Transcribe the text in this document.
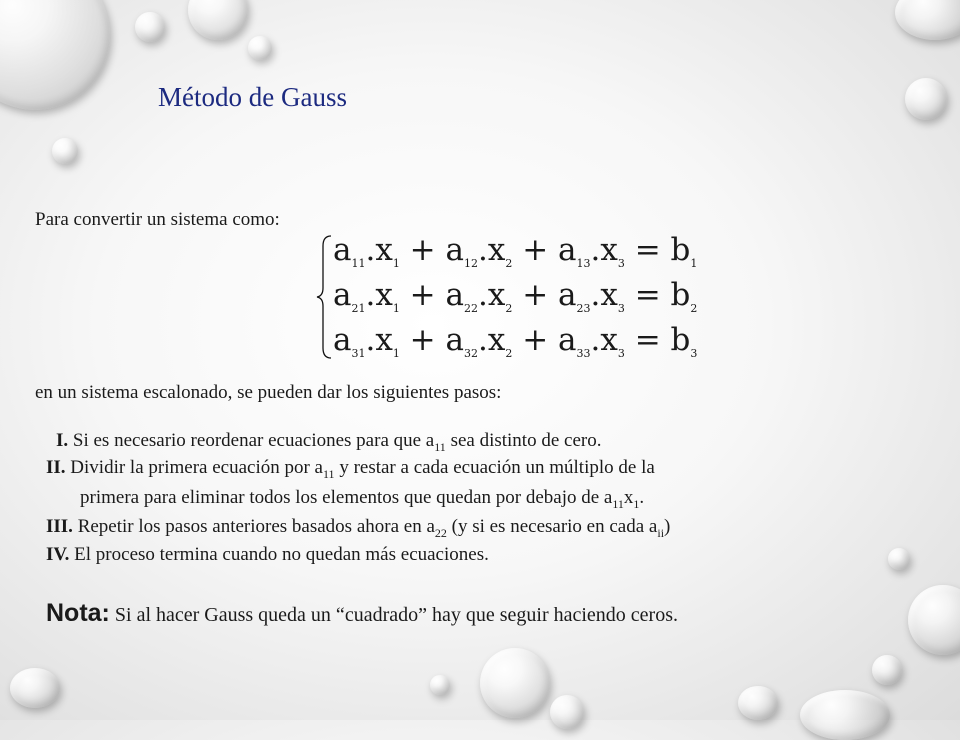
Método de Gauss
Para convertir un sistema como:
$a_{11}.x_1 + a_{12}.x_2 + a_{13}.x_3 = b_1$
$a_{21}.x_1 + a_{22}.x_2 + a_{23}.x_3 = b_2$
$a_{31}.x_1 + a_{32}.x_2 + a_{33}.x_3 = b_3$
en un sistema escalonado, se pueden dar los siguientes pasos:
I. Si es necesario reordenar ecuaciones para que $a_{11}$ sea distinto de cero.
II. Dividir la primera ecuación por $a_{11}$ y restar a cada ecuación un múltiplo de la
primera para eliminar todos los elementos que quedan por debajo de $a_{11}x_1$.
III. Repetir los pasos anteriores basados ahora en $a_{22}$ (y si es necesario en cada $a_{ii}$)
IV. El proceso termina cuando no quedan más ecuaciones.
Nota: Si al hacer Gauss queda un “cuadrado” hay que seguir haciendo ceros.
